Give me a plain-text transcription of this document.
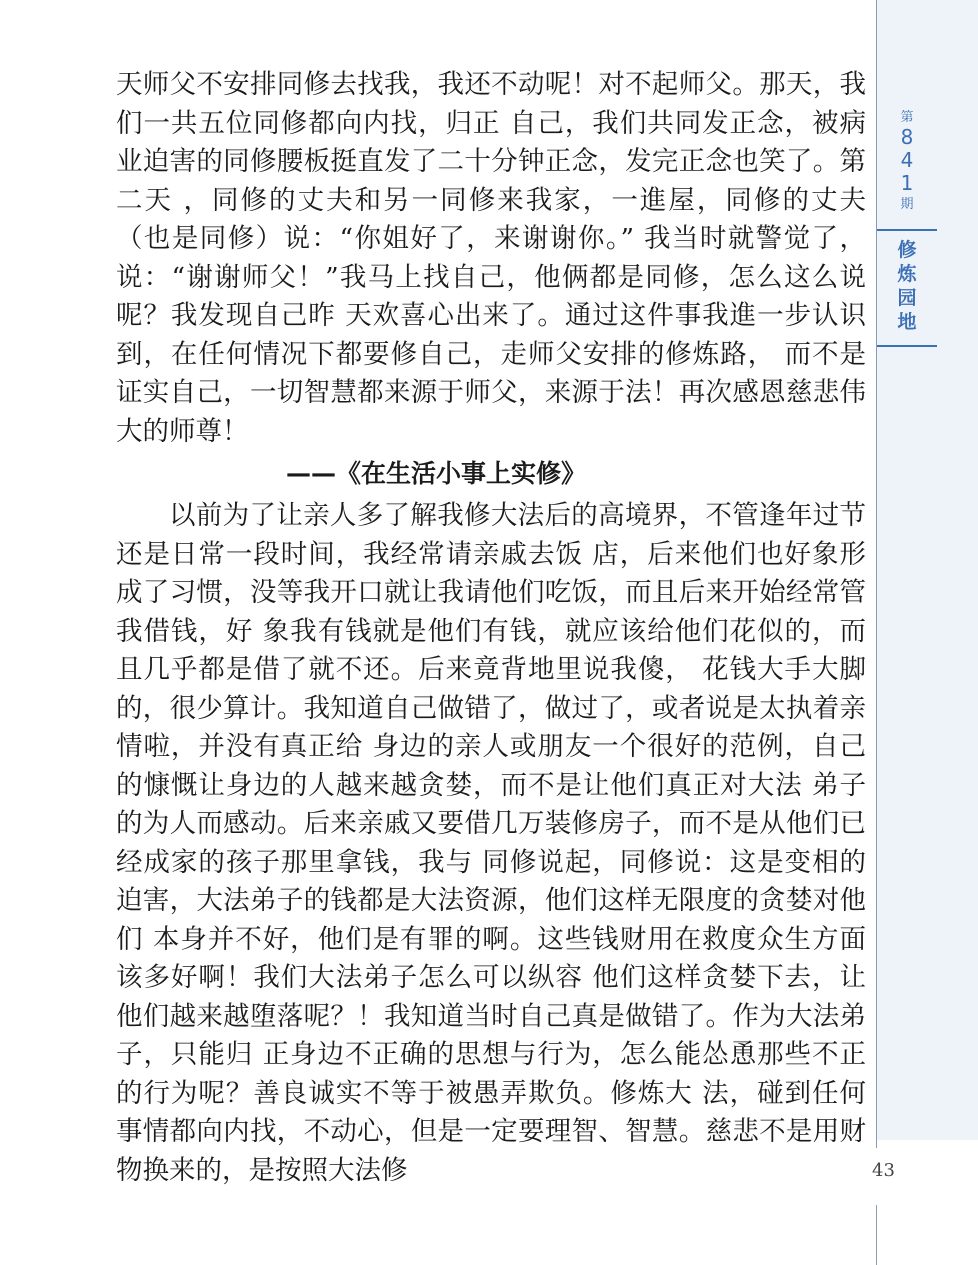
第
8
4
1
期
修
炼
园
地

天师父不安排同修去找我，我还不动呢！对不起师父。那天，我们一共五位同修都向内找，归正 自己，我们共同发正念，被病业迫害的同修腰板挺直发了二十分钟正念，发完正念也笑了。第二天 ，同修的丈夫和另一同修来我家，一進屋，同修的丈夫（也是同修）说：“你姐好了，来谢谢你。” 我当时就警觉了，说：“谢谢师父！”我马上找自己，他俩都是同修，怎么这么说呢？我发现自己昨 天欢喜心出来了。通过这件事我進一步认识到，在任何情况下都要修自己，走师父安排的修炼路， 而不是证实自己，一切智慧都来源于师父，来源于法！再次感恩慈悲伟大的师尊！

——《在生活小事上实修》

以前为了让亲人多了解我修大法后的高境界，不管逢年过节还是日常一段时间，我经常请亲戚去饭 店，后来他们也好象形成了习惯，没等我开口就让我请他们吃饭，而且后来开始经常管我借钱，好 象我有钱就是他们有钱，就应该给他们花似的，而且几乎都是借了就不还。后来竟背地里说我傻， 花钱大手大脚的，很少算计。我知道自己做错了，做过了，或者说是太执着亲情啦，并没有真正给 身边的亲人或朋友一个很好的范例，自己的慷慨让身边的人越来越贪婪，而不是让他们真正对大法 弟子的为人而感动。后来亲戚又要借几万装修房子，而不是从他们已经成家的孩子那里拿钱，我与 同修说起，同修说：这是变相的迫害，大法弟子的钱都是大法资源，他们这样无限度的贪婪对他们 本身并不好，他们是有罪的啊。这些钱财用在救度众生方面该多好啊！我们大法弟子怎么可以纵容 他们这样贪婪下去，让他们越来越堕落呢？！我知道当时自己真是做错了。作为大法弟子，只能归 正身边不正确的思想与行为，怎么能怂恿那些不正的行为呢？善良诚实不等于被愚弄欺负。修炼大 法，碰到任何事情都向内找，不动心，但是一定要理智、智慧。慈悲不是用财物换来的，是按照大法修	43
